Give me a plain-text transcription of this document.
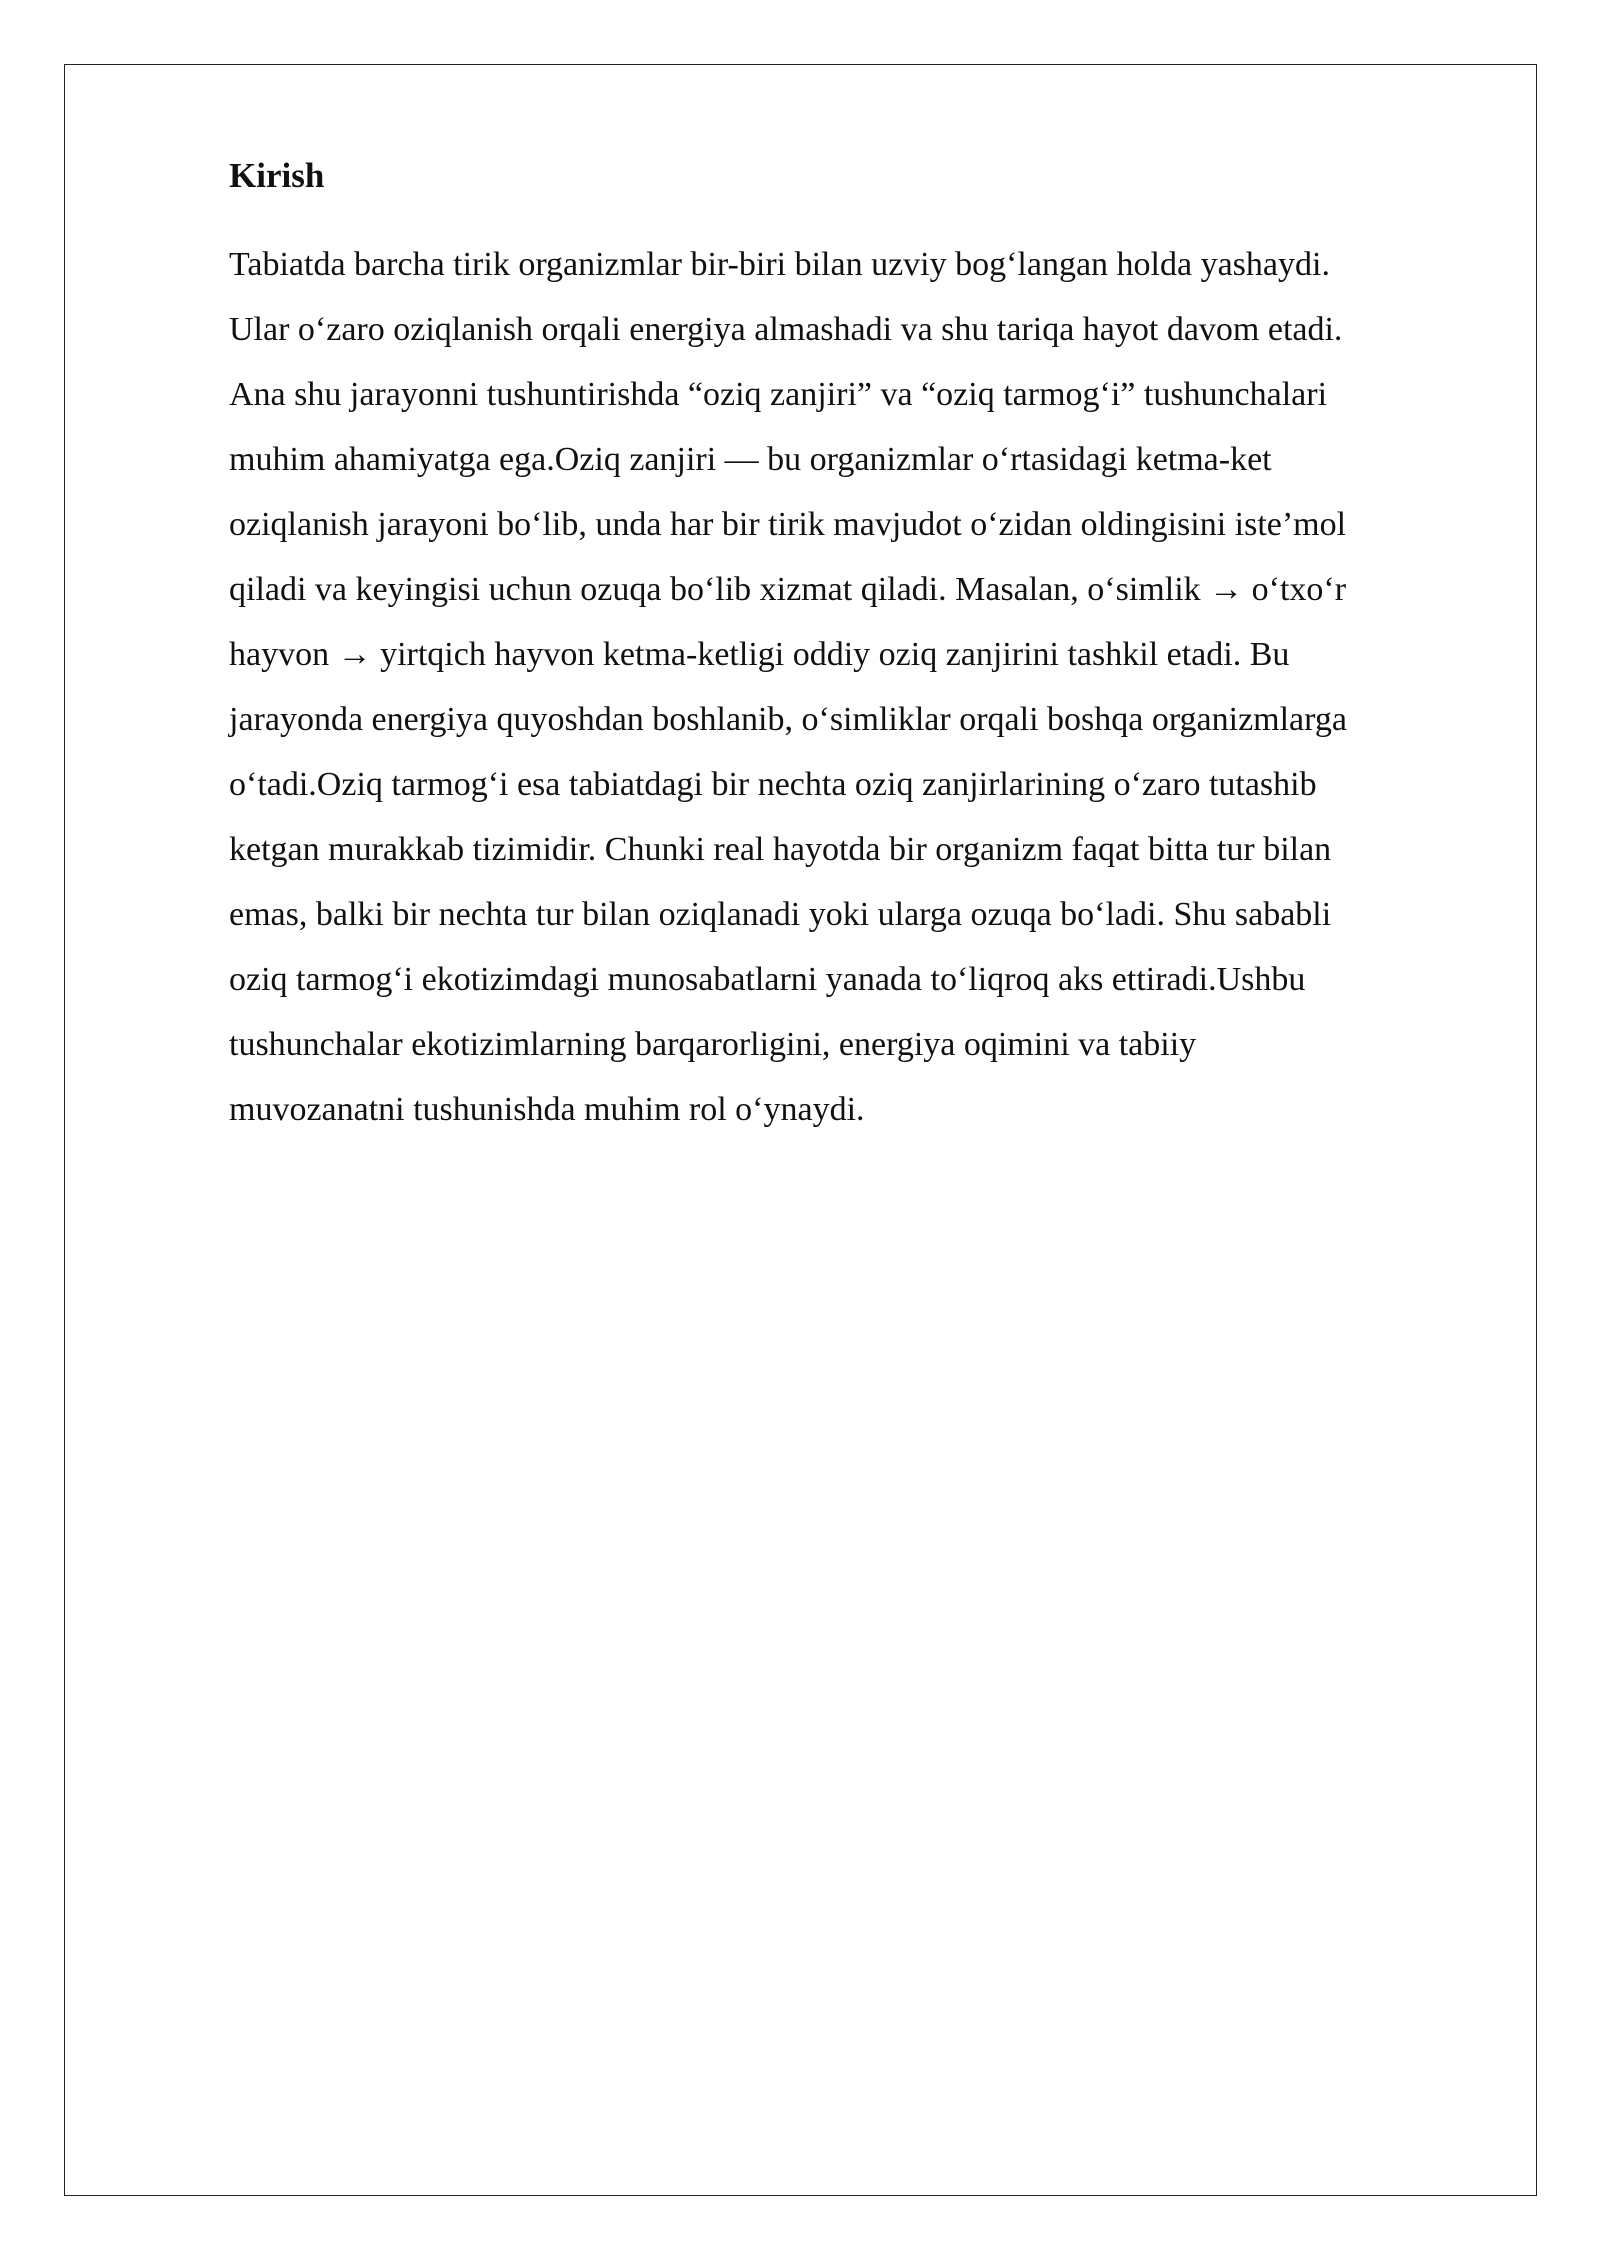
Kirish

Tabiatda barcha tirik organizmlar bir-biri bilan uzviy bog‘langan holda yashaydi.
Ular o‘zaro oziqlanish orqali energiya almashadi va shu tariqa hayot davom etadi.
Ana shu jarayonni tushuntirishda “oziq zanjiri” va “oziq tarmog‘i” tushunchalari
muhim ahamiyatga ega.Oziq zanjiri — bu organizmlar o‘rtasidagi ketma-ket
oziqlanish jarayoni bo‘lib, unda har bir tirik mavjudot o‘zidan oldingisini iste’mol
qiladi va keyingisi uchun ozuqa bo‘lib xizmat qiladi. Masalan, o‘simlik → o‘txo‘r
hayvon → yirtqich hayvon ketma-ketligi oddiy oziq zanjirini tashkil etadi. Bu
jarayonda energiya quyoshdan boshlanib, o‘simliklar orqali boshqa organizmlarga
o‘tadi.Oziq tarmog‘i esa tabiatdagi bir nechta oziq zanjirlarining o‘zaro tutashib
ketgan murakkab tizimidir. Chunki real hayotda bir organizm faqat bitta tur bilan
emas, balki bir nechta tur bilan oziqlanadi yoki ularga ozuqa bo‘ladi. Shu sababli
oziq tarmog‘i ekotizimdagi munosabatlarni yanada to‘liqroq aks ettiradi.Ushbu
tushunchalar ekotizimlarning barqarorligini, energiya oqimini va tabiiy
muvozanatni tushunishda muhim rol o‘ynaydi.
